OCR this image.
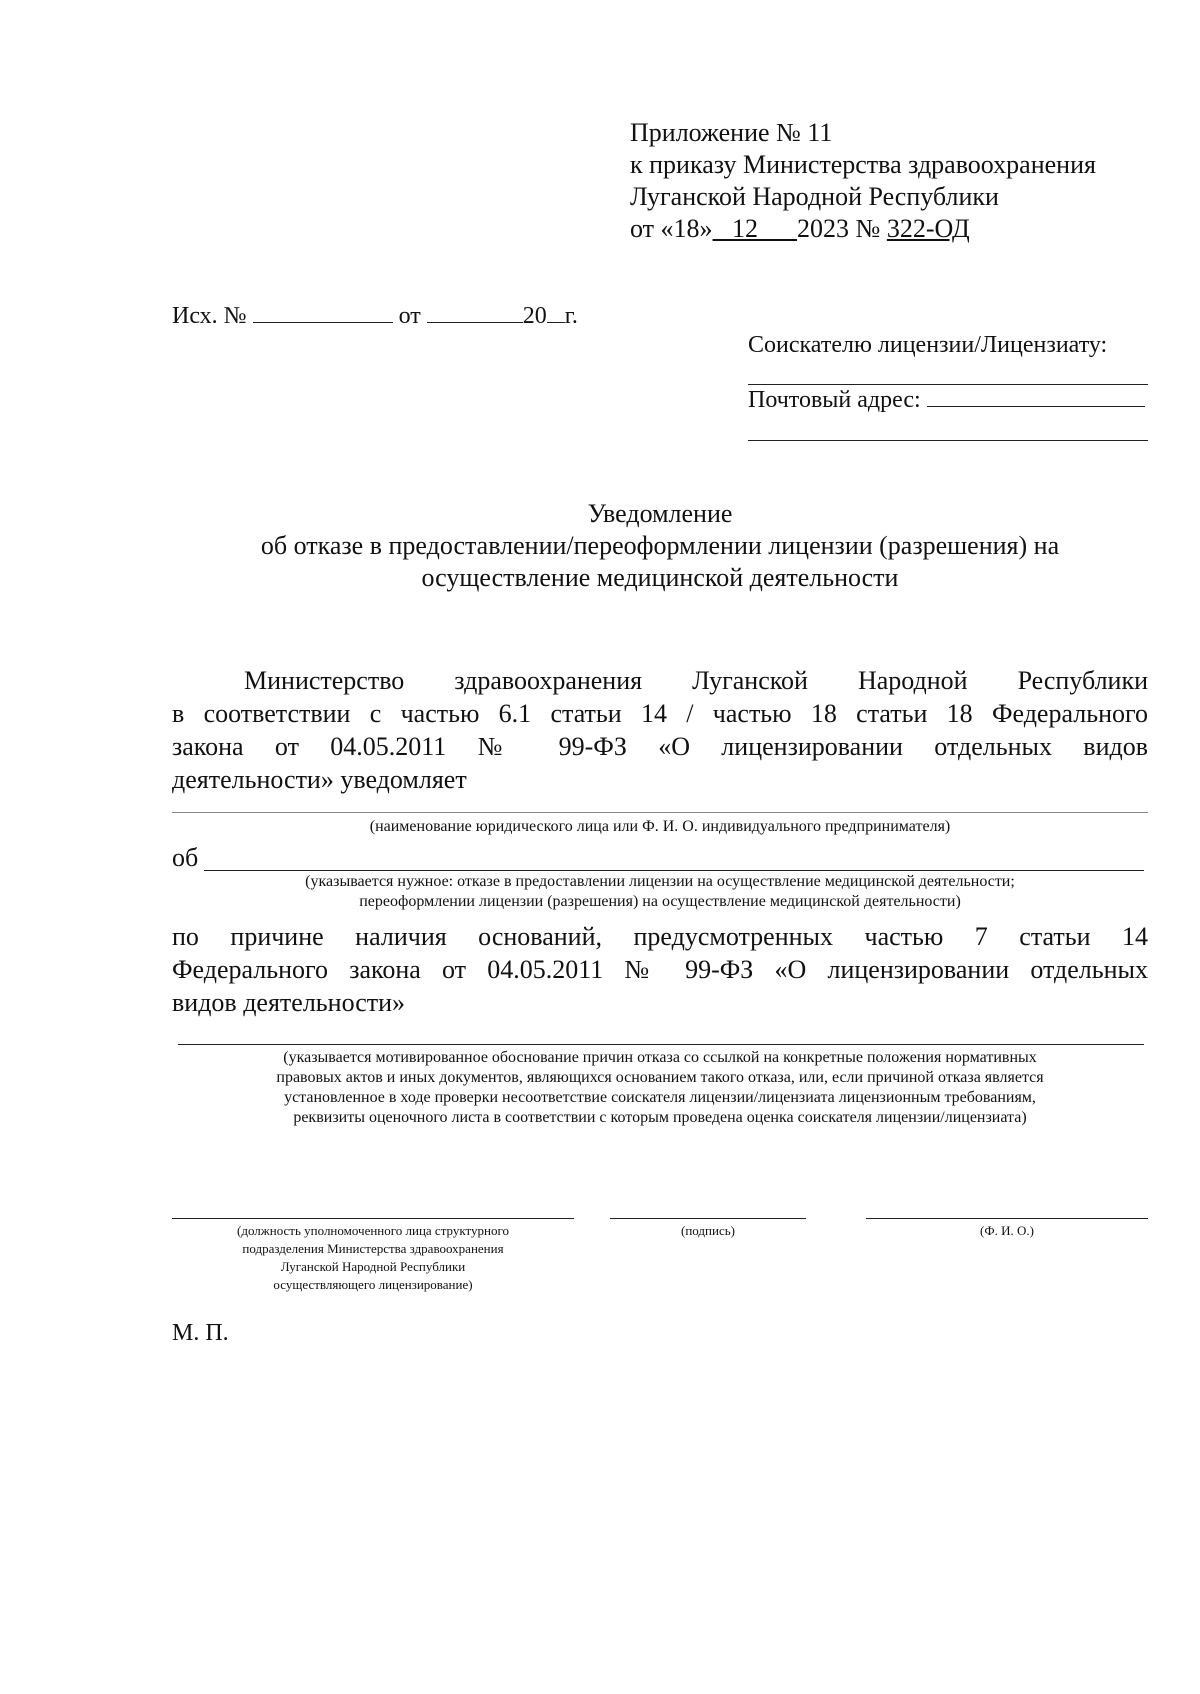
Приложение № 11
к приказу Министерства здравоохранения
Луганской Народной Республики
от «18» 12 2023 № 322-ОД
Исх. №	от	20 г.
Соискателю лицензии/Лицензиату:
Почтовый адрес:
Уведомление
об отказе в предоставлении/переоформлении лицензии (разрешения) на
осуществление медицинской деятельности
Министерство здравоохранения Луганской Народной Республики
в соответствии с частью 6.1 статьи 14 / частью 18 статьи 18 Федерального
закона от 04.05.2011 № 99-ФЗ «О лицензировании отдельных видов
деятельности» уведомляет
(наименование юридического лица или Ф. И. О. индивидуального предпринимателя)
об
(указывается нужное: отказе в предоставлении лицензии на осуществление медицинской деятельности;
переоформлении лицензии (разрешения) на осуществление медицинской деятельности)
по причине наличия оснований, предусмотренных частью 7 статьи 14
Федерального закона от 04.05.2011 № 99-ФЗ «О лицензировании отдельных
видов деятельности»
(указывается мотивированное обоснование причин отказа со ссылкой на конкретные положения нормативных
правовых актов и иных документов, являющихся основанием такого отказа, или, если причиной отказа является
установленное в ходе проверки несоответствие соискателя лицензии/лицензиата лицензионным требованиям,
реквизиты оценочного листа в соответствии с которым проведена оценка соискателя лицензии/лицензиата)
(должность уполномоченного лица структурного
подразделения Министерства здравоохранения
Луганской Народной Республики
осуществляющего лицензирование)
(подпись)	(Ф. И. О.)
М. П.
